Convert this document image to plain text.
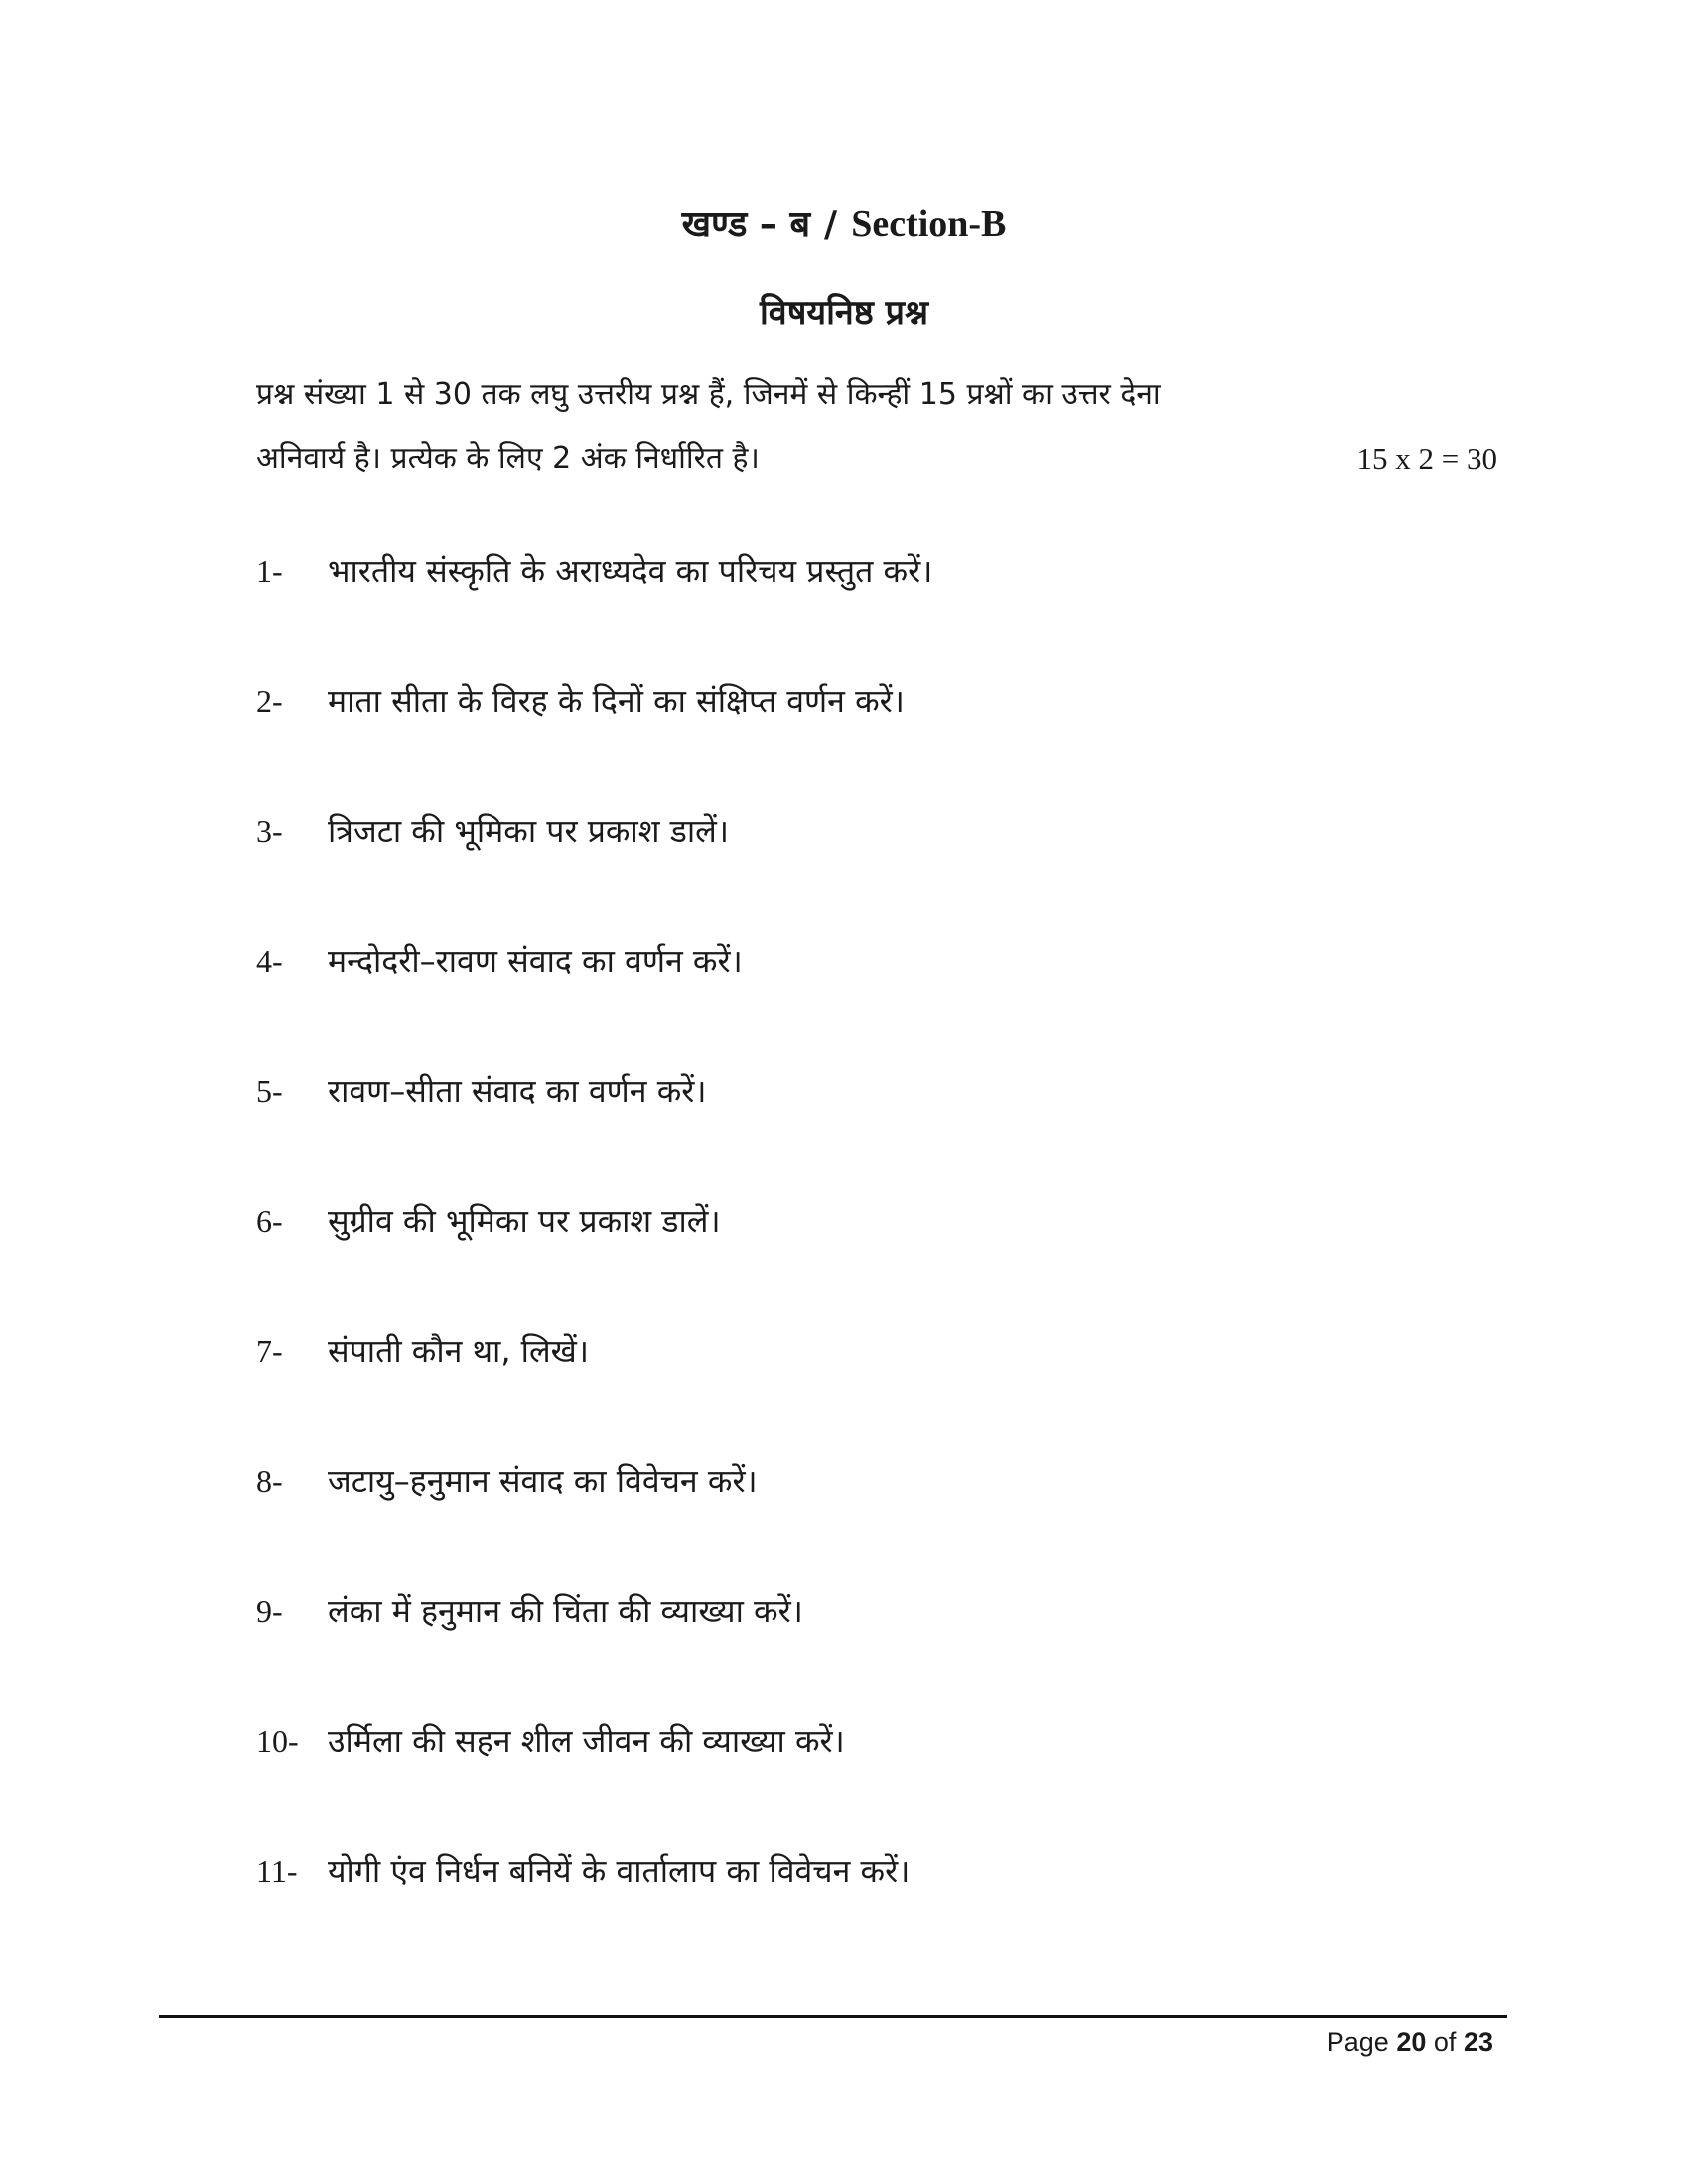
खण्ड – ब / Section-B
विषयनिष्ठ प्रश्न
प्रश्न संख्या 1 से 30 तक लघु उत्तरीय प्रश्न हैं, जिनमें से किन्हीं 15 प्रश्नों का उत्तर देना
अनिवार्य है। प्रत्येक के लिए 2 अंक निर्धारित है।	15 x 2 = 30
1- भारतीय संस्कृति के अराध्यदेव का परिचय प्रस्तुत करें।
2- माता सीता के विरह के दिनों का संक्षिप्त वर्णन करें।
3- त्रिजटा की भूमिका पर प्रकाश डालें।
4- मन्दोदरी–रावण संवाद का वर्णन करें।
5- रावण–सीता संवाद का वर्णन करें।
6- सुग्रीव की भूमिका पर प्रकाश डालें।
7- संपाती कौन था, लिखें।
8- जटायु–हनुमान संवाद का विवेचन करें।
9- लंका में हनुमान की चिंता की व्याख्या करें।
10- उर्मिला की सहन शील जीवन की व्याख्या करें।
11- योगी एंव निर्धन बनियें के वार्तालाप का विवेचन करें।
Page 20 of 23
